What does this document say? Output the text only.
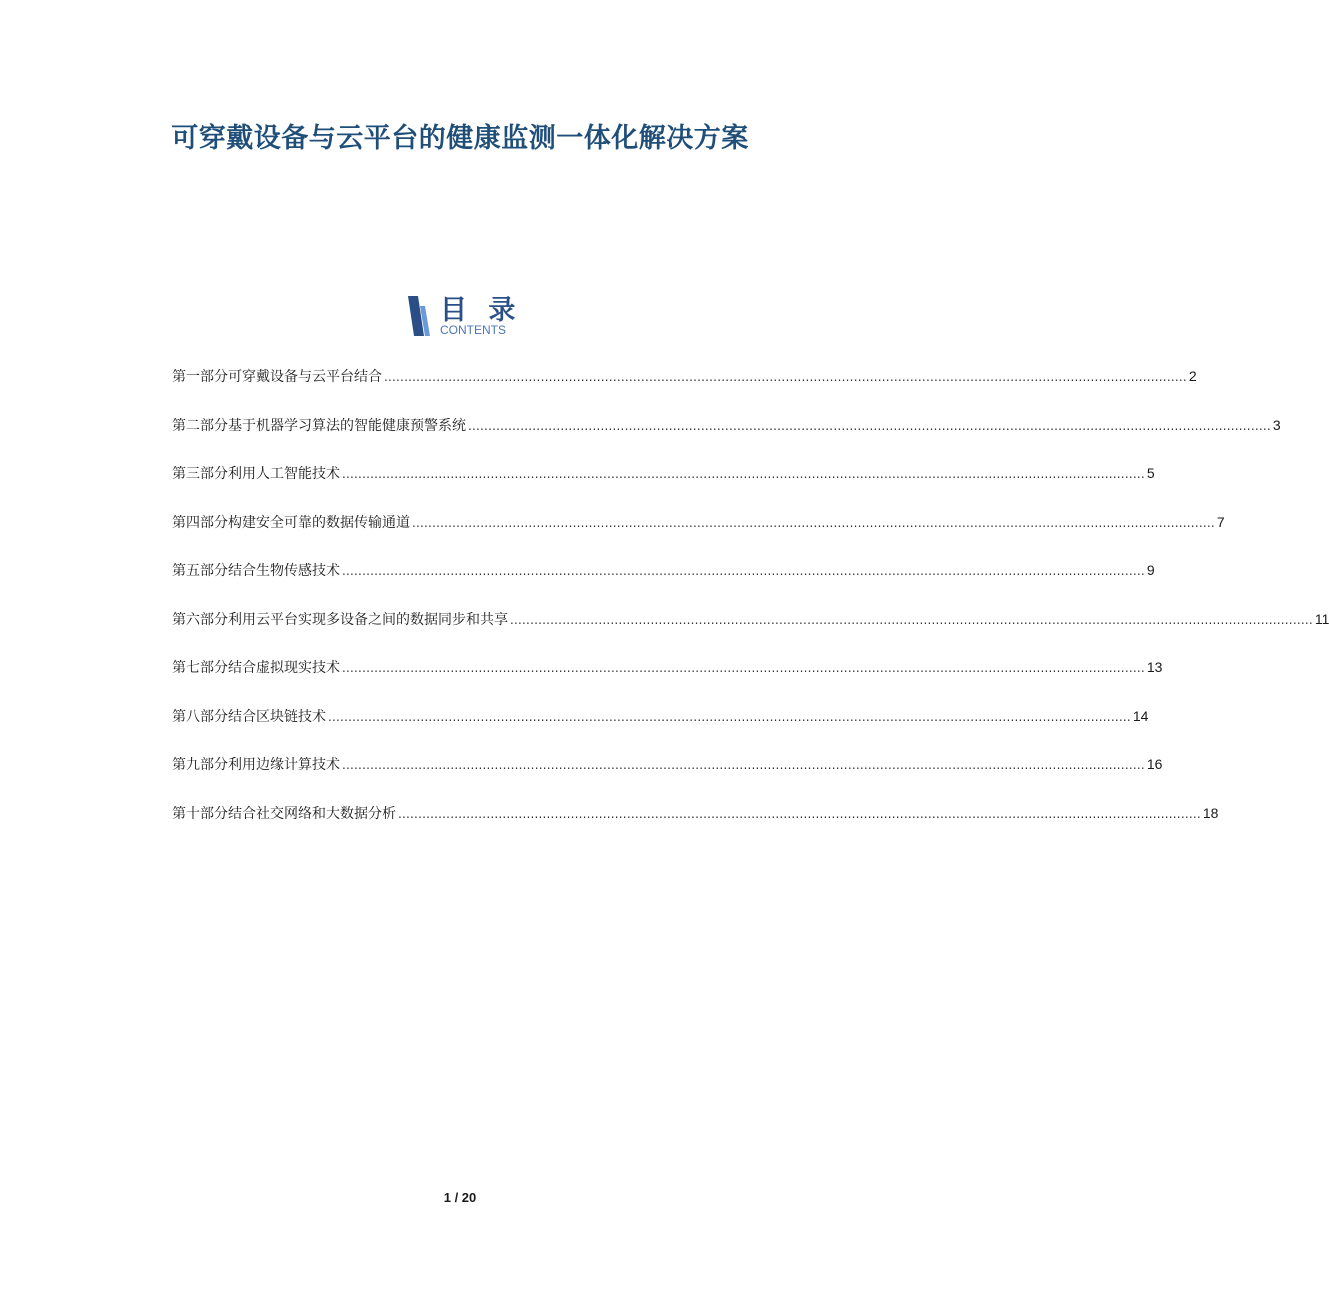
可穿戴设备与云平台的健康监测一体化解决方案
目 录
CONTENTS
第一部分 可穿戴设备与云平台结合 ........................................................................................................................................................................................................ 2
第二部分 基于机器学习算法的智能健康预警系统 ........................................................................................................................................................................................................ 3
第三部分 利用人工智能技术 ........................................................................................................................................................................................................ 5
第四部分 构建安全可靠的数据传输通道 ........................................................................................................................................................................................................ 7
第五部分 结合生物传感技术 ........................................................................................................................................................................................................ 9
第六部分 利用云平台实现多设备之间的数据同步和共享 ........................................................................................................................................................................................................ 11
第七部分 结合虚拟现实技术 ........................................................................................................................................................................................................ 13
第八部分 结合区块链技术 ........................................................................................................................................................................................................ 14
第九部分 利用边缘计算技术 ........................................................................................................................................................................................................ 16
第十部分 结合社交网络和大数据分析 ........................................................................................................................................................................................................ 18
1 / 20
